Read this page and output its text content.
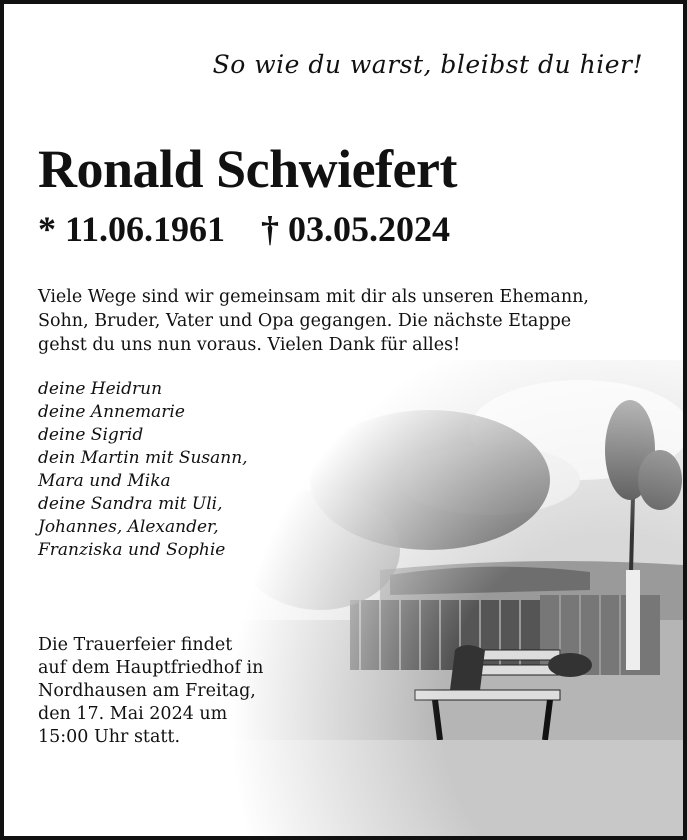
So wie du warst, bleibst du hier!
Ronald Schwiefert
* 11.06.1961 † 03.05.2024
Viele Wege sind wir gemeinsam mit dir als unseren Ehemann,
Sohn, Bruder, Vater und Opa gegangen. Die nächste Etappe
gehst du uns nun voraus. Vielen Dank für alles!
deine Heidrun
deine Annemarie
deine Sigrid
dein Martin mit Susann,
Mara und Mika
deine Sandra mit Uli,
Johannes, Alexander,
Franziska und Sophie
Die Trauerfeier findet
auf dem Hauptfriedhof in
Nordhausen am Freitag,
den 17. Mai 2024 um
15:00 Uhr statt.
